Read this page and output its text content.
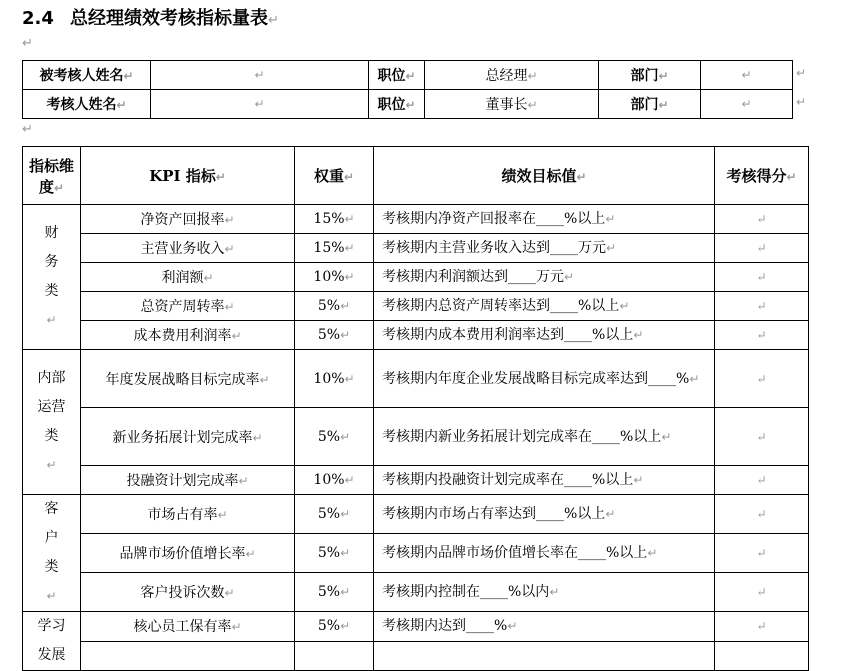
2.4 总经理绩效考核指标量表↵
↵
被考核人姓名↵	↵	职位↵	总经理↵	部门↵	↵
考核人姓名↵	↵	职位↵	董事长↵	部门↵	↵
↵
↵
↵
指标维度↵	KPI 指标↵	权重↵	绩效目标值↵	考核得分↵

财
务
类
↵	净资产回报率↵	15%↵	考核期内净资产回报率在____%以上↵	↵
	主营业务收入↵	15%↵	考核期内主营业务收入达到____万元↵	↵
	利润额↵	10%↵	考核期内利润额达到____万元↵	↵
	总资产周转率↵	5%↵	考核期内总资产周转率达到____%以上↵	↵
	成本费用利润率↵	5%↵	考核期内成本费用利润率达到____%以上↵	↵

内部
运营
类
↵	年度发展战略目标完成率↵	10%↵	考核期内年度企业发展战略目标完成率达到____%↵	↵
	新业务拓展计划完成率↵	5%↵	考核期内新业务拓展计划完成率在____%以上↵	↵
	投融资计划完成率↵	10%↵	考核期内投融资计划完成率在____%以上↵	↵

客
户
类
↵	市场占有率↵	5%↵	考核期内市场占有率达到____%以上↵	↵
	品牌市场价值增长率↵	5%↵	考核期内品牌市场价值增长率在____%以上↵	↵
	客户投诉次数↵	5%↵	考核期内控制在____%以内↵	↵

学习
发展	核心员工保有率↵	5%↵	考核期内达到____%↵	↵
